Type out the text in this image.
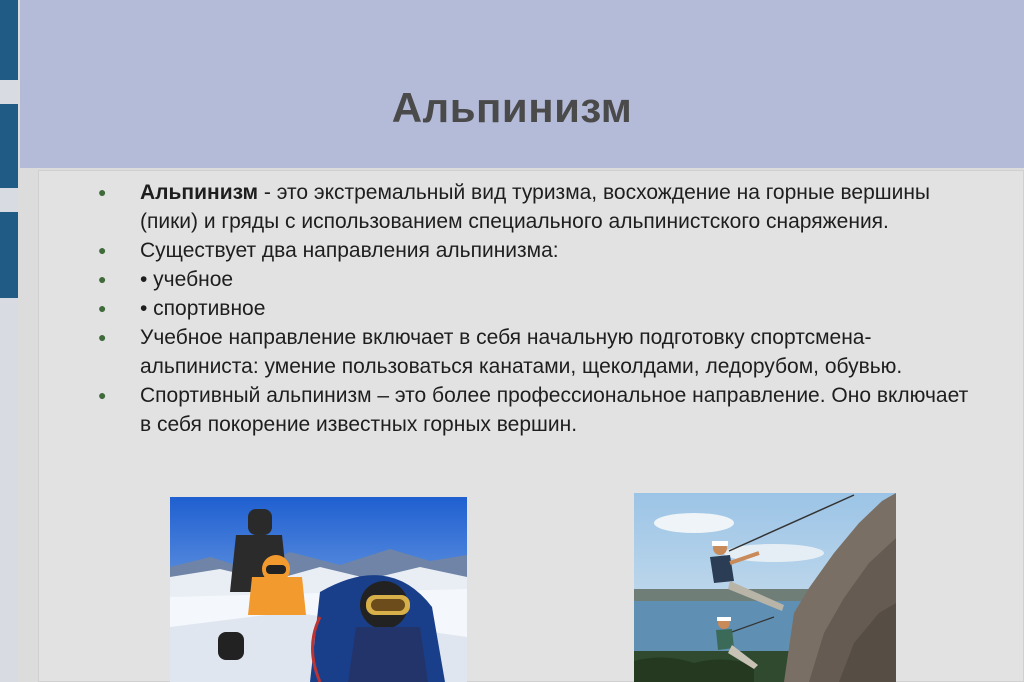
Альпинизм
●	Альпинизм - это экстремальный вид туризма, восхождение на горные вершины (пики) и гряды с использованием специального альпинистского снаряжения.
●	Существует два направления альпинизма:
●	• учебное
●	• спортивное
●	Учебное направление включает в себя начальную подготовку спортсмена-альпиниста: умение пользоваться канатами, щеколдами, ледорубом, обувью.
●	Спортивный альпинизм – это более профессиональное направление. Оно включает в себя покорение известных горных вершин.
